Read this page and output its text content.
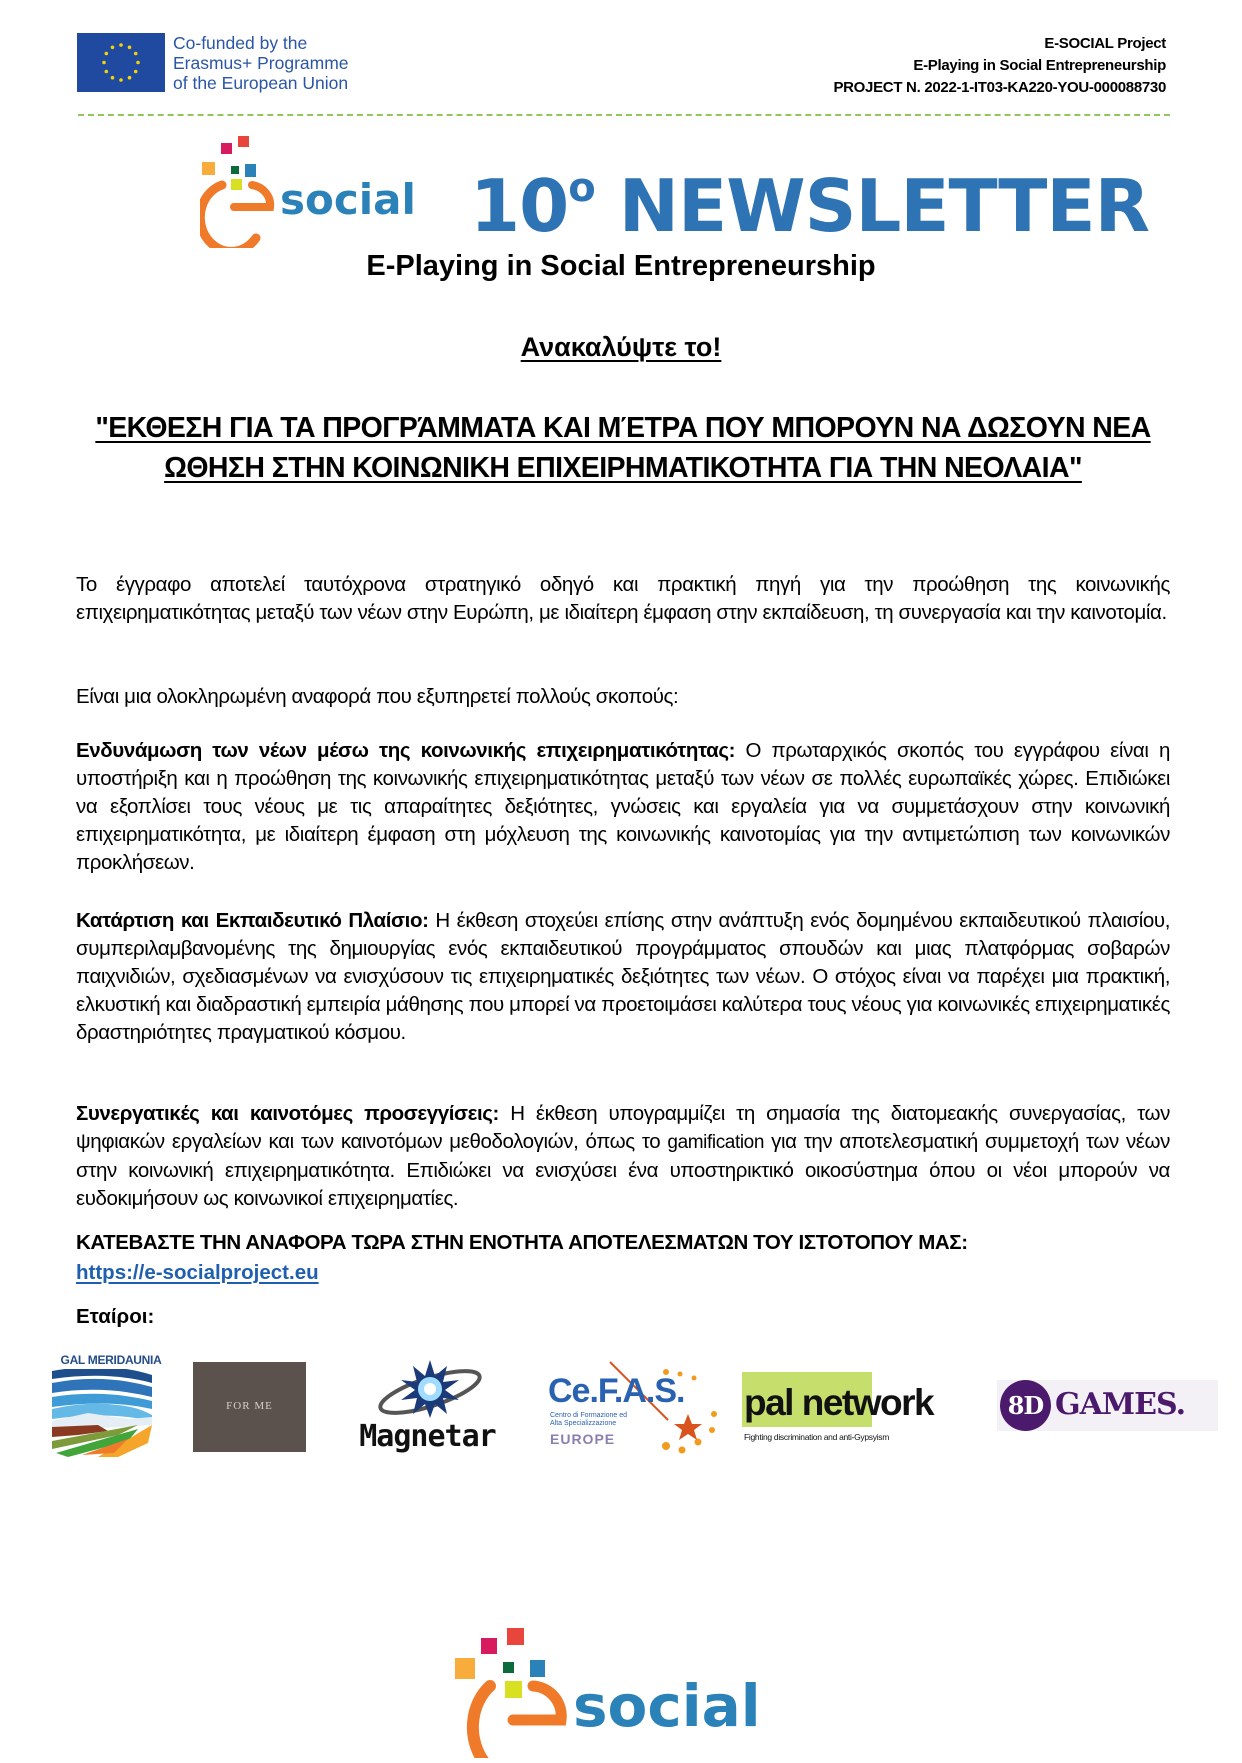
Co-funded by the
Erasmus+ Programme
of the European Union
E-SOCIAL Project
E-Playing in Social Entrepreneurship
PROJECT N. 2022-1-IT03-KA220-YOU-000088730
social 10$^o$ NEWSLETTER
E-Playing in Social Entrepreneurship
Ανακαλύψτε το!
"ΕΚΘΕΣΗ ΓΙΑ ΤΑ ΠΡΟΓΡΆΜΜΑΤΑ ΚΑΙ ΜΈΤΡΑ ΠΟΥ ΜΠΟΡΟΥΝ ΝΑ ΔΩΣΟΥΝ ΝΕΑ ΩΘΗΣΗ ΣΤΗΝ ΚΟΙΝΩΝΙΚΗ ΕΠΙΧΕΙΡΗΜΑΤΙΚΟΤΗΤΑ ΓΙΑ ΤΗΝ ΝΕΟΛΑΙΑ"
Το έγγραφο αποτελεί ταυτόχρονα στρατηγικό οδηγό και πρακτική πηγή για την προώθηση της κοινωνικής επιχειρηματικότητας μεταξύ των νέων στην Ευρώπη, με ιδιαίτερη έμφαση στην εκπαίδευση, τη συνεργασία και την καινοτομία.
Είναι μια ολοκληρωμένη αναφορά που εξυπηρετεί πολλούς σκοπούς:
Ενδυνάμωση των νέων μέσω της κοινωνικής επιχειρηματικότητας: Ο πρωταρχικός σκοπός του εγγράφου είναι η υποστήριξη και η προώθηση της κοινωνικής επιχειρηματικότητας μεταξύ των νέων σε πολλές ευρωπαϊκές χώρες. Επιδιώκει να εξοπλίσει τους νέους με τις απαραίτητες δεξιότητες, γνώσεις και εργαλεία για να συμμετάσχουν στην κοινωνική επιχειρηματικότητα, με ιδιαίτερη έμφαση στη μόχλευση της κοινωνικής καινοτομίας για την αντιμετώπιση των κοινωνικών προκλήσεων.
Κατάρτιση και Εκπαιδευτικό Πλαίσιο: Η έκθεση στοχεύει επίσης στην ανάπτυξη ενός δομημένου εκπαιδευτικού πλαισίου, συμπεριλαμβανομένης της δημιουργίας ενός εκπαιδευτικού προγράμματος σπουδών και μιας πλατφόρμας σοβαρών παιχνιδιών, σχεδιασμένων να ενισχύσουν τις επιχειρηματικές δεξιότητες των νέων. Ο στόχος είναι να παρέχει μια πρακτική, ελκυστική και διαδραστική εμπειρία μάθησης που μπορεί να προετοιμάσει καλύτερα τους νέους για κοινωνικές επιχειρηματικές δραστηριότητες πραγματικού κόσμου.
Συνεργατικές και καινοτόμες προσεγγίσεις: Η έκθεση υπογραμμίζει τη σημασία της διατομεακής συνεργασίας, των ψηφιακών εργαλείων και των καινοτόμων μεθοδολογιών, όπως το gamification για την αποτελεσματική συμμετοχή των νέων στην κοινωνική επιχειρηματικότητα. Επιδιώκει να ενισχύσει ένα υποστηρικτικό οικοσύστημα όπου οι νέοι μπορούν να ευδοκιμήσουν ως κοινωνικοί επιχειρηματίες.
ΚΑΤΕΒΑΣΤΕ ΤΗΝ ΑΝΑΦΟΡΑ ΤΩΡΑ ΣΤΗΝ ΕΝΟΤΗΤΑ ΑΠΟΤΕΛΕΣΜΑΤΩΝ ΤΟΥ ΙΣΤΟΤΟΠΟΥ ΜΑΣ:
https://e-socialproject.eu
Εταίροι:
GAL MERIDAUNIA
FOR ME
Magnetar
Ce.F.A.S.
Centro di Formazione ed
Alta Specializzazione
EUROPE
pal network
Fighting discrimination and anti-Gypsyism
8D GAMES.
social
